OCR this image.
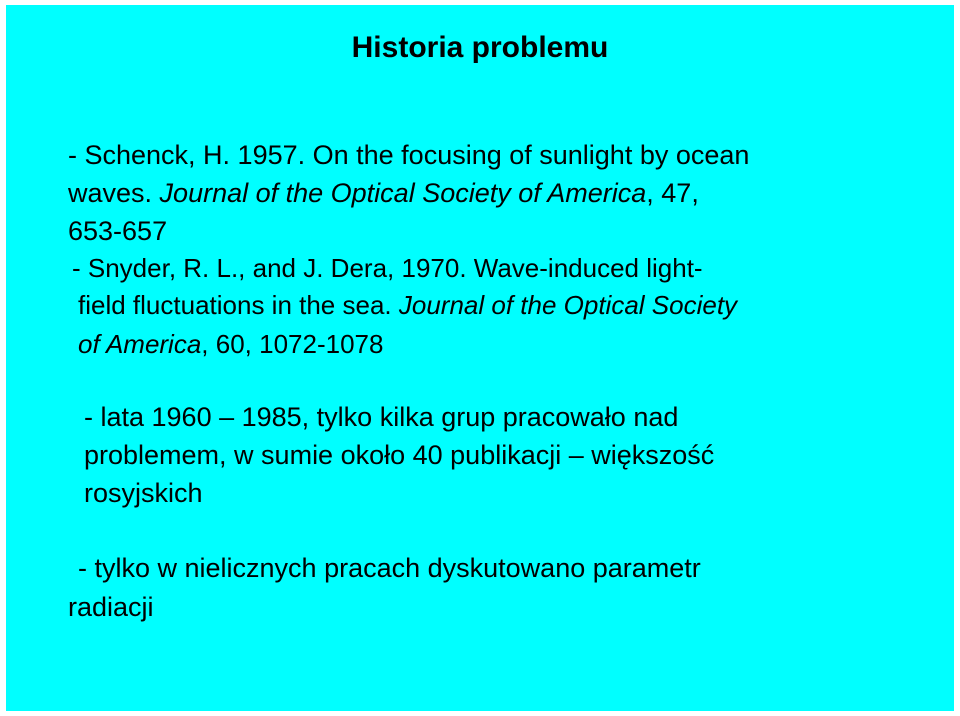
Historia problemu
- Schenck, H. 1957. On the focusing of sunlight by ocean
waves. Journal of the Optical Society of America, 47,
653-657
- Snyder, R. L., and J. Dera, 1970. Wave-induced light-
field fluctuations in the sea. Journal of the Optical Society
of America, 60, 1072-1078
- lata 1960 – 1985, tylko kilka grup pracowało nad
problemem, w sumie około 40 publikacji – większość
rosyjskich
- tylko w nielicznych pracach dyskutowano parametr
radiacji
